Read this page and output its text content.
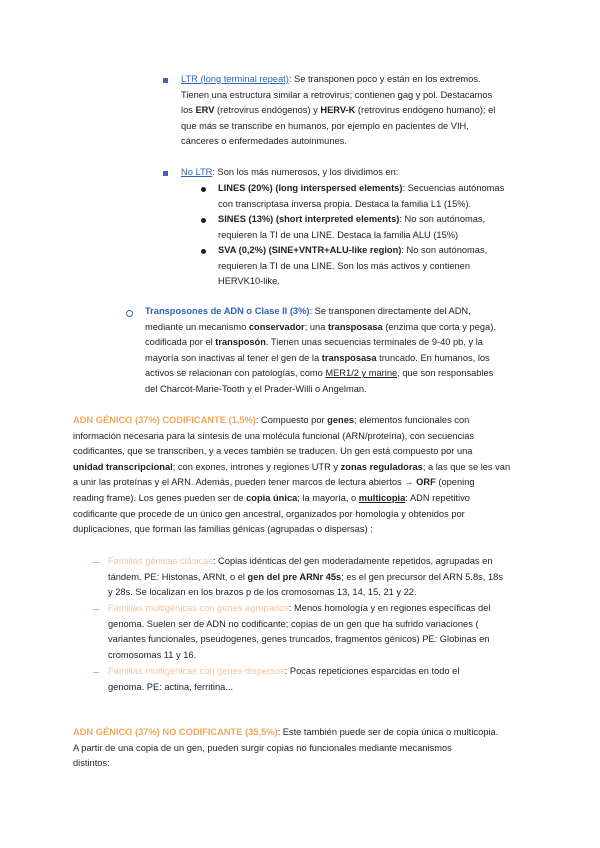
LTR (long terminal repeat): Se transponen poco y están en los extremos.
Tienen una estructura similar a retrovirus; contienen gag y pol. Destacamos
los ERV (retrovirus endógenos) y HERV-K (retrovirus endógeno humano); el
que más se transcribe en humanos, por ejemplo en pacientes de VIH,
cánceres o enfermedades autoinmunes.
No LTR: Son los más numerosos, y los dividimos en:
LINES (20%) (long interspersed elements): Secuencias autónomas
con transcriptasa inversa propia. Destaca la familia L1 (15%).
SINES (13%) (short interpreted elements): No son autónomas,
requieren la TI de una LINE. Destaca la familia ALU (15%)
SVA (0,2%) (SINE+VNTR+ALU-like region): No son autónomas,
requieren la TI de una LINE. Son los más activos y contienen
HERVK10-like.
Transposones de ADN o Clase II (3%): Se transponen directamente del ADN,
mediante un mecanismo conservador; una transposasa (enzima que corta y pega),
codificada por el transposón. Tienen unas secuencias terminales de 9-40 pb, y la
mayoría son inactivas al tener el gen de la transposasa truncado. En humanos, los
activos se relacionan con patologías, como MER1/2 y marine, que son responsables
del Charcot-Marie-Tooth y el Prader-Willi o Angelman.
ADN GÉNICO (37%) CODIFICANTE (1,5%): Compuesto por genes; elementos funcionales con
información necesaria para la síntesis de una molécula funcional (ARN/proteína), con secuencias
codificantes, que se transcriben, y a veces también se traducen. Un gen está compuesto por una
unidad transcripcional; con exones, intrones y regiones UTR y zonas reguladoras; a las que se les van
a unir las proteínas y el ARN. Además, pueden tener marcos de lectura abiertos → ORF (opening
reading frame). Los genes pueden ser de copia única; la mayoría, o multicopia: ADN repetitivo
codificante que procede de un único gen ancestral, organizados por homología y obtenidos por
duplicaciones, que forman las familias génicas (agrupadas o dispersas) :
Familias génicas clásicas: Copias idénticas del gen moderadamente repetidos, agrupadas en
tándem. PE: Histonas, ARNt, o el gen del pre ARNr 45s; es el gen precursor del ARN 5.8s, 18s
y 28s. Se localizan en los brazos p de los cromosomas 13, 14, 15, 21 y 22.
Familias multigénicas con genes agrupados: Menos homología y en regiones específicas del
genoma. Suelen ser de ADN no codificante; copias de un gen que ha sufrido variaciones (
variantes funcionales, pseudogenes, genes truncados, fragmentos génicos) PE: Globinas en
cromosomas 11 y 16.
Familias multigénicas con genes dispersos: Pocas repeticiones esparcidas en todo el
genoma. PE: actina, ferritina...
ADN GÉNICO (37%) NO CODIFICANTE (35,5%): Este también puede ser de copia única o multicopia.
A partir de una copia de un gen, pueden surgir copias no funcionales mediante mecanismos
distintos:
